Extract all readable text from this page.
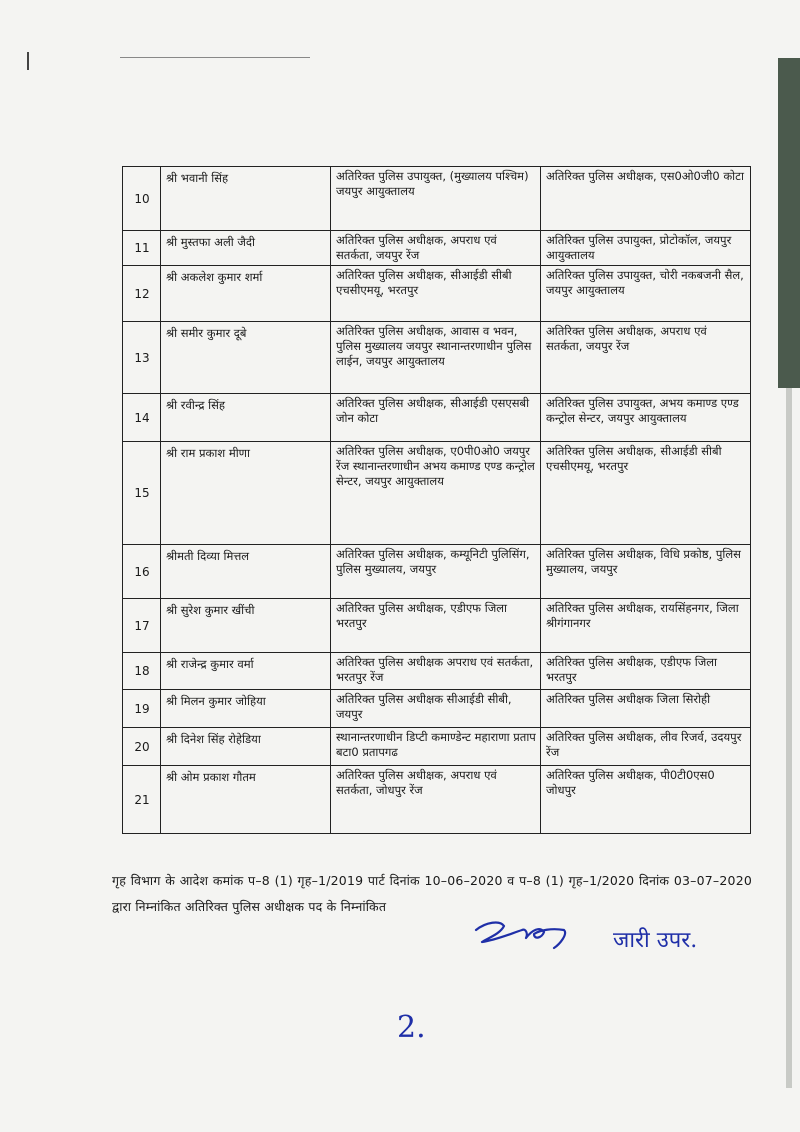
10	श्री भवानी सिंह	अतिरिक्त पुलिस उपायुक्त, (मुख्यालय पश्चिम) जयपुर आयुक्तालय	अतिरिक्त पुलिस अधीक्षक, एस0ओ0जी0 कोटा
11	श्री मुस्तफा अली जैदी	अतिरिक्त पुलिस अधीक्षक, अपराध एवं सतर्कता, जयपुर रेंज	अतिरिक्त पुलिस उपायुक्त, प्रोटोकॉल, जयपुर आयुक्तालय
12	श्री अकलेश कुमार शर्मा	अतिरिक्त पुलिस अधीक्षक, सीआईडी सीबी एचसीएमयू, भरतपुर	अतिरिक्त पुलिस उपायुक्त, चोरी नकबजनी सैल, जयपुर आयुक्तालय
13	श्री समीर कुमार दूबे	अतिरिक्त पुलिस अधीक्षक, आवास व भवन, पुलिस मुख्यालय जयपुर स्थानान्तरणाधीन पुलिस लाईन, जयपुर आयुक्तालय	अतिरिक्त पुलिस अधीक्षक, अपराध एवं सतर्कता, जयपुर रेंज
14	श्री रवीन्द्र सिंह	अतिरिक्त पुलिस अधीक्षक, सीआईडी एसएसबी जोन कोटा	अतिरिक्त पुलिस उपायुक्त, अभय कमाण्ड एण्ड कन्ट्रोल सेन्टर, जयपुर आयुक्तालय
15	श्री राम प्रकाश मीणा	अतिरिक्त पुलिस अधीक्षक, ए0पी0ओ0 जयपुर रेंज स्थानान्तरणाधीन अभय कमाण्ड एण्ड कन्ट्रोल सेन्टर, जयपुर आयुक्तालय	अतिरिक्त पुलिस अधीक्षक, सीआईडी सीबी एचसीएमयू, भरतपुर
16	श्रीमती दिव्या मित्तल	अतिरिक्त पुलिस अधीक्षक, कम्यूनिटी पुलिसिंग, पुलिस मुख्यालय, जयपुर	अतिरिक्त पुलिस अधीक्षक, विधि प्रकोष्ठ, पुलिस मुख्यालय, जयपुर
17	श्री सुरेश कुमार खींची	अतिरिक्त पुलिस अधीक्षक, एडीएफ जिला भरतपुर	अतिरिक्त पुलिस अधीक्षक, रायसिंहनगर, जिला श्रीगंगानगर
18	श्री राजेन्द्र कुमार वर्मा	अतिरिक्त पुलिस अधीक्षक अपराध एवं सतर्कता, भरतपुर रेंज	अतिरिक्त पुलिस अधीक्षक, एडीएफ जिला भरतपुर
19	श्री मिलन कुमार जोहिया	अतिरिक्त पुलिस अधीक्षक सीआईडी सीबी, जयपुर	अतिरिक्त पुलिस अधीक्षक जिला सिरोही
20	श्री दिनेश सिंह रोहेडिया	स्थानान्तरणाधीन डिप्टी कमाण्डेन्ट महाराणा प्रताप बटा0 प्रतापगढ	अतिरिक्त पुलिस अधीक्षक, लीव रिजर्व, उदयपुर रेंज
21	श्री ओम प्रकाश गौतम	अतिरिक्त पुलिस अधीक्षक, अपराध एवं सतर्कता, जोधपुर रेंज	अतिरिक्त पुलिस अधीक्षक, पी0टी0एस0 जोधपुर
गृह विभाग के आदेश कमांक प–8 (1) गृह–1/2019 पार्ट दिनांक 10–06–2020 व प–8 (1) गृह–1/2020 दिनांक 03–07–2020 द्वारा निम्नांकित अतिरिक्त पुलिस अधीक्षक पद के निम्नांकित
जारी उपर.
2.
